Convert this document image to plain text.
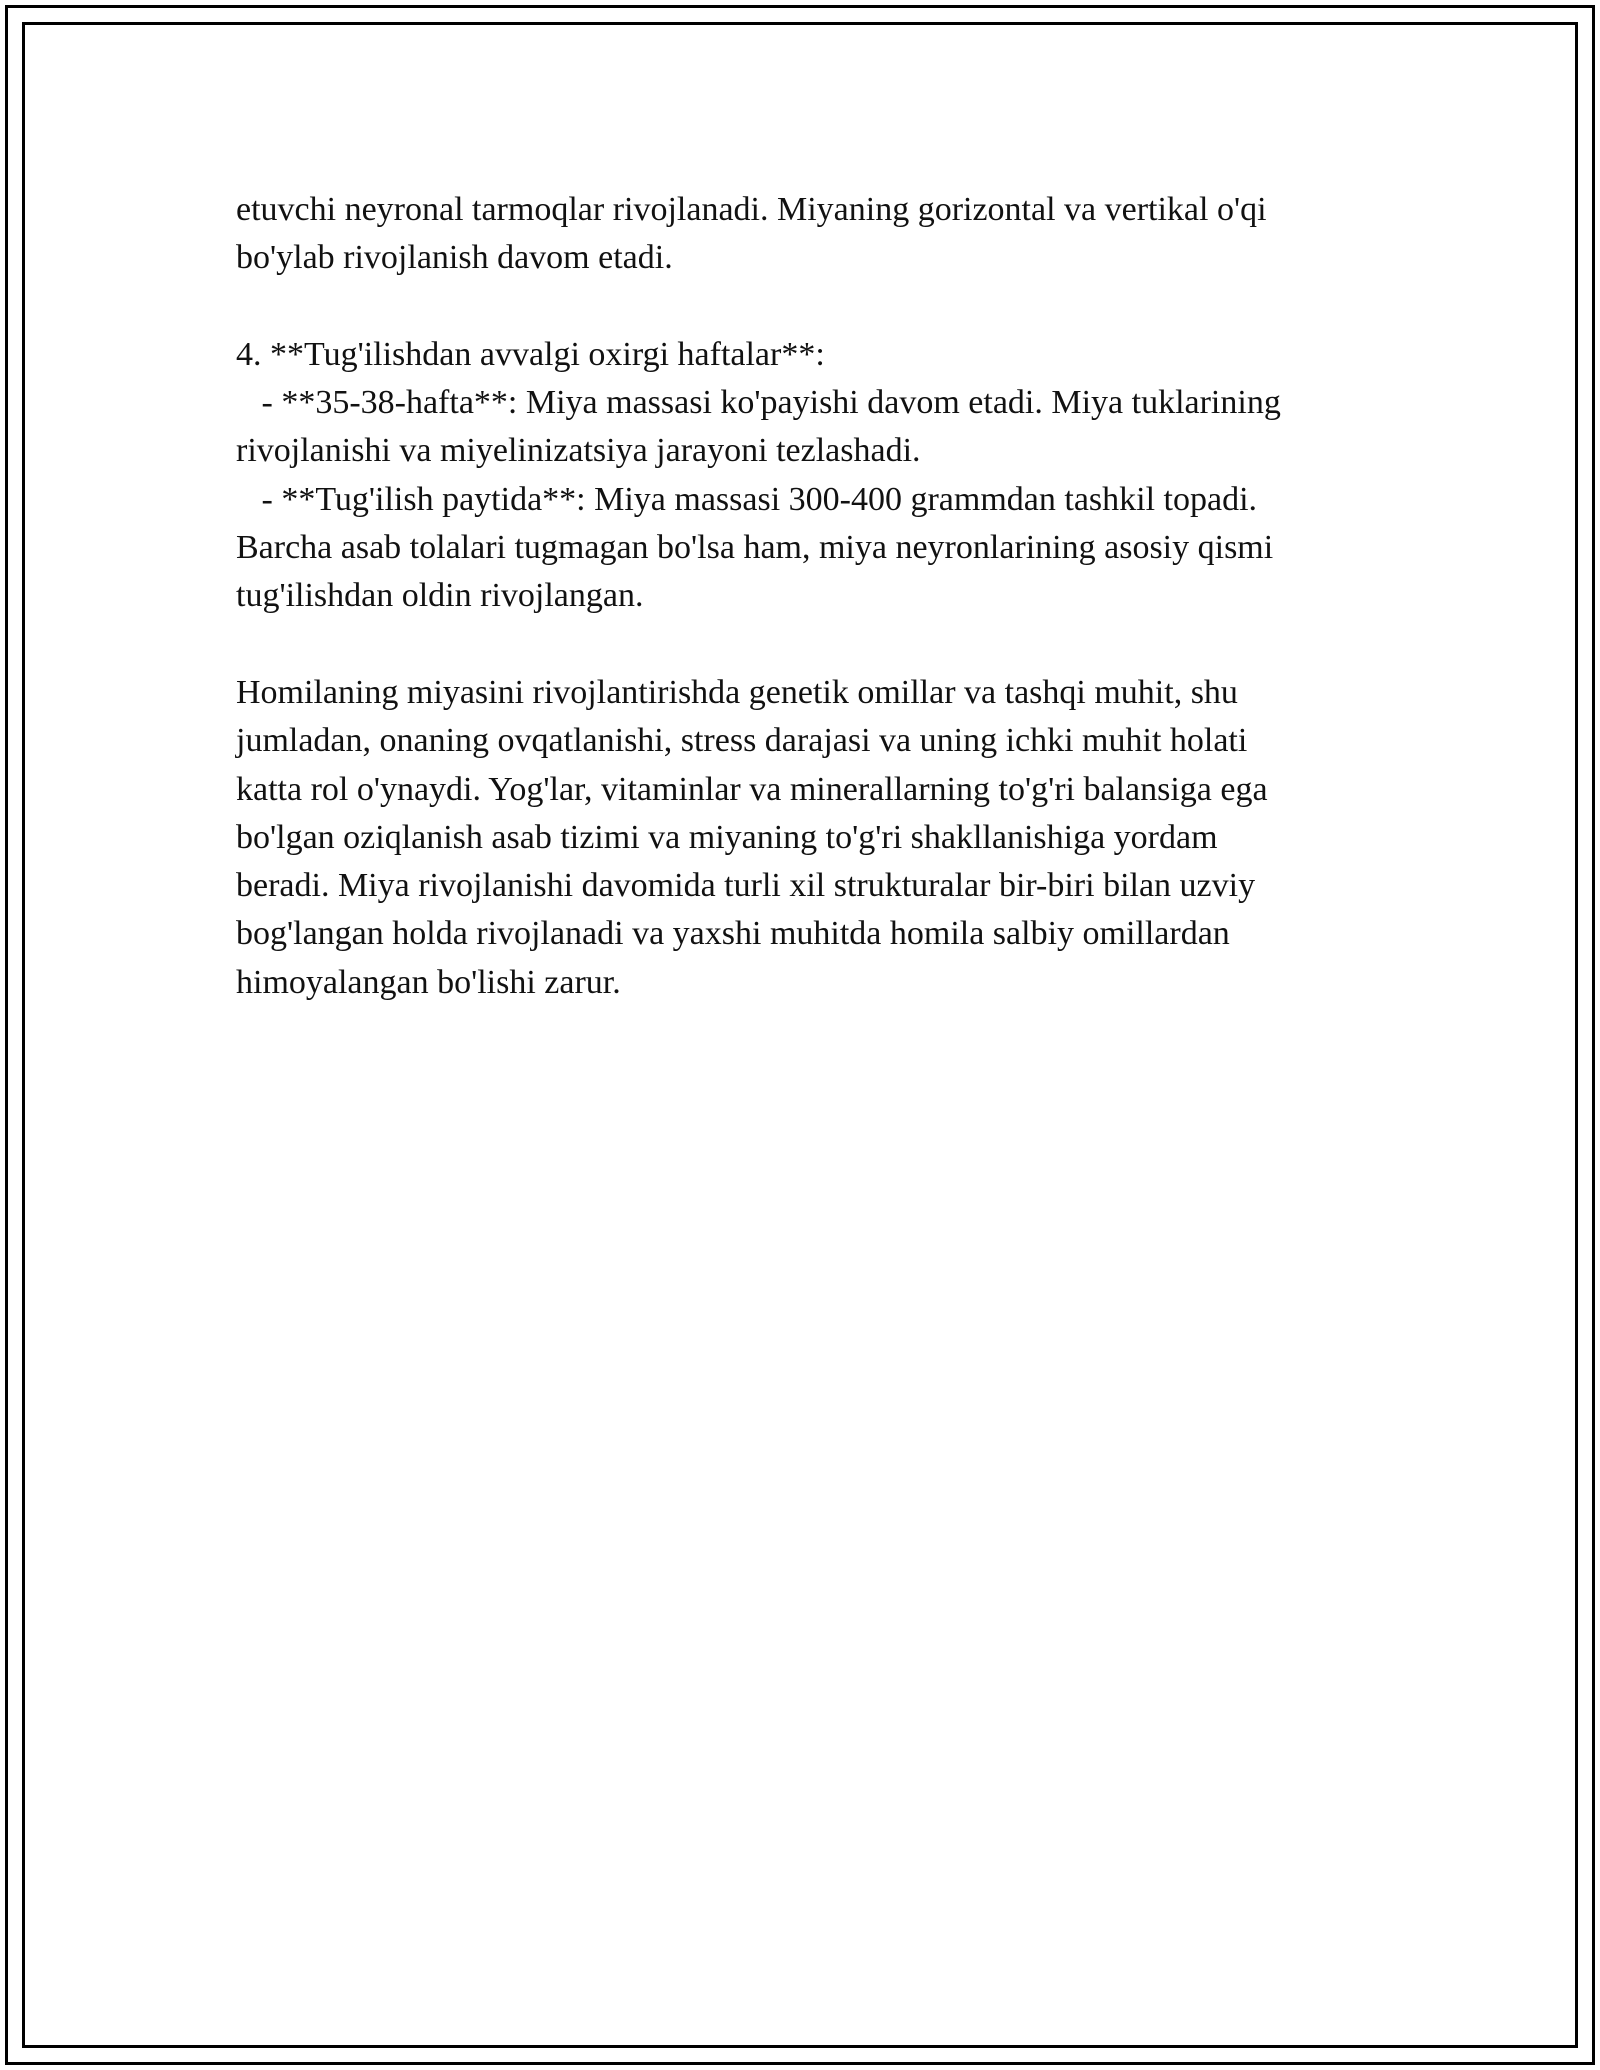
etuvchi neyronal tarmoqlar rivojlanadi. Miyaning gorizontal va vertikal o'qi
bo'ylab rivojlanish davom etadi.
4. **Tug'ilishdan avvalgi oxirgi haftalar**:
- **35-38-hafta**: Miya massasi ko'payishi davom etadi. Miya tuklarining
rivojlanishi va miyelinizatsiya jarayoni tezlashadi.
- **Tug'ilish paytida**: Miya massasi 300-400 grammdan tashkil topadi.
Barcha asab tolalari tugmagan bo'lsa ham, miya neyronlarining asosiy qismi
tug'ilishdan oldin rivojlangan.
Homilaning miyasini rivojlantirishda genetik omillar va tashqi muhit, shu
jumladan, onaning ovqatlanishi, stress darajasi va uning ichki muhit holati
katta rol o'ynaydi. Yog'lar, vitaminlar va minerallarning to'g'ri balansiga ega
bo'lgan oziqlanish asab tizimi va miyaning to'g'ri shakllanishiga yordam
beradi. Miya rivojlanishi davomida turli xil strukturalar bir-biri bilan uzviy
bog'langan holda rivojlanadi va yaxshi muhitda homila salbiy omillardan
himoyalangan bo'lishi zarur.
